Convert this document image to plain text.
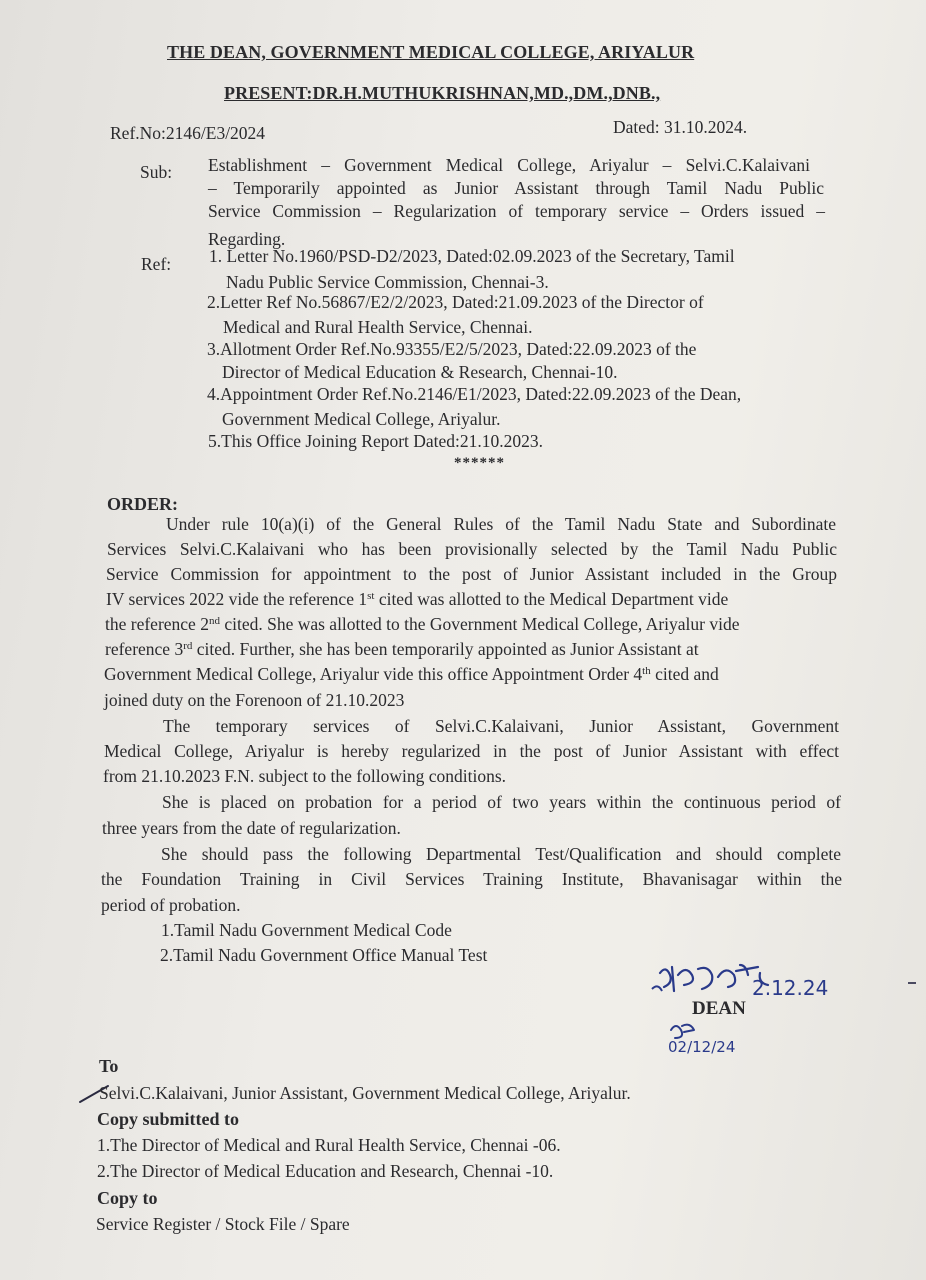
THE DEAN, GOVERNMENT MEDICAL COLLEGE, ARIYALUR
PRESENT:DR.H.MUTHUKRISHNAN,MD.,DM.,DNB.,
Ref.No:2146/E3/2024	Dated: 31.10.2024.
Sub: Establishment – Government Medical College, Ariyalur – Selvi.C.Kalaivani
– Temporarily appointed as Junior Assistant through Tamil Nadu Public
Service Commission – Regularization of temporary service – Orders issued –
Regarding.
Ref: 1. Letter No.1960/PSD-D2/2023, Dated:02.09.2023 of the Secretary, Tamil
Nadu Public Service Commission, Chennai-3.
2.Letter Ref No.56867/E2/2/2023, Dated:21.09.2023 of the Director of
Medical and Rural Health Service, Chennai.
3.Allotment Order Ref.No.93355/E2/5/2023, Dated:22.09.2023 of the
Director of Medical Education & Research, Chennai-10.
4.Appointment Order Ref.No.2146/E1/2023, Dated:22.09.2023 of the Dean,
Government Medical College, Ariyalur.
5.This Office Joining Report Dated:21.10.2023.
******
ORDER:
Under rule 10(a)(i) of the General Rules of the Tamil Nadu State and Subordinate
Services Selvi.C.Kalaivani who has been provisionally selected by the Tamil Nadu Public
Service Commission for appointment to the post of Junior Assistant included in the Group
IV services 2022 vide the reference 1st cited was allotted to the Medical Department vide
the reference 2nd cited. She was allotted to the Government Medical College, Ariyalur vide
reference 3rd cited. Further, she has been temporarily appointed as Junior Assistant at
Government Medical College, Ariyalur vide this office Appointment Order 4th cited and
joined duty on the Forenoon of 21.10.2023
The temporary services of Selvi.C.Kalaivani, Junior Assistant, Government
Medical College, Ariyalur is hereby regularized in the post of Junior Assistant with effect
from 21.10.2023 F.N. subject to the following conditions.
She is placed on probation for a period of two years within the continuous period of
three years from the date of regularization.
She should pass the following Departmental Test/Qualification and should complete
the Foundation Training in Civil Services Training Institute, Bhavanisagar within the
period of probation.
1.Tamil Nadu Government Medical Code
2.Tamil Nadu Government Office Manual Test
2.12.24
DEAN
02/12/24
To
Selvi.C.Kalaivani, Junior Assistant, Government Medical College, Ariyalur.
Copy submitted to
1.The Director of Medical and Rural Health Service, Chennai -06.
2.The Director of Medical Education and Research, Chennai -10.
Copy to
Service Register / Stock File / Spare
